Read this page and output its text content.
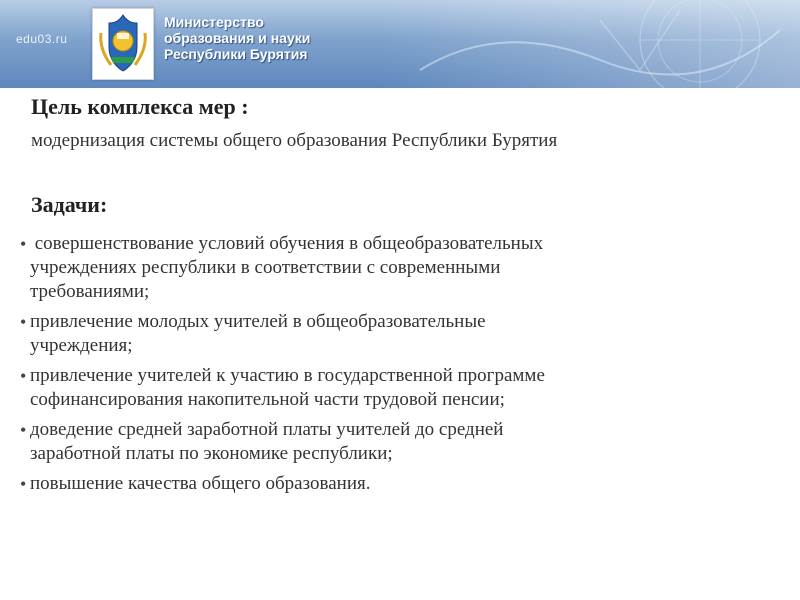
edu03.ru
Министерство
образования и науки
Республики Бурятия
Цель комплекса мер :
модернизация системы общего образования Республики Бурятия
Задачи:
• совершенствование условий обучения в общеобразовательных
учреждениях республики в соответствии с современными
требованиями;
• привлечение молодых учителей в общеобразовательные
учреждения;
• привлечение учителей к участию в государственной программе
софинансирования накопительной части трудовой пенсии;
• доведение средней заработной платы учителей до средней
заработной платы по экономике республики;
• повышение качества общего образования.
